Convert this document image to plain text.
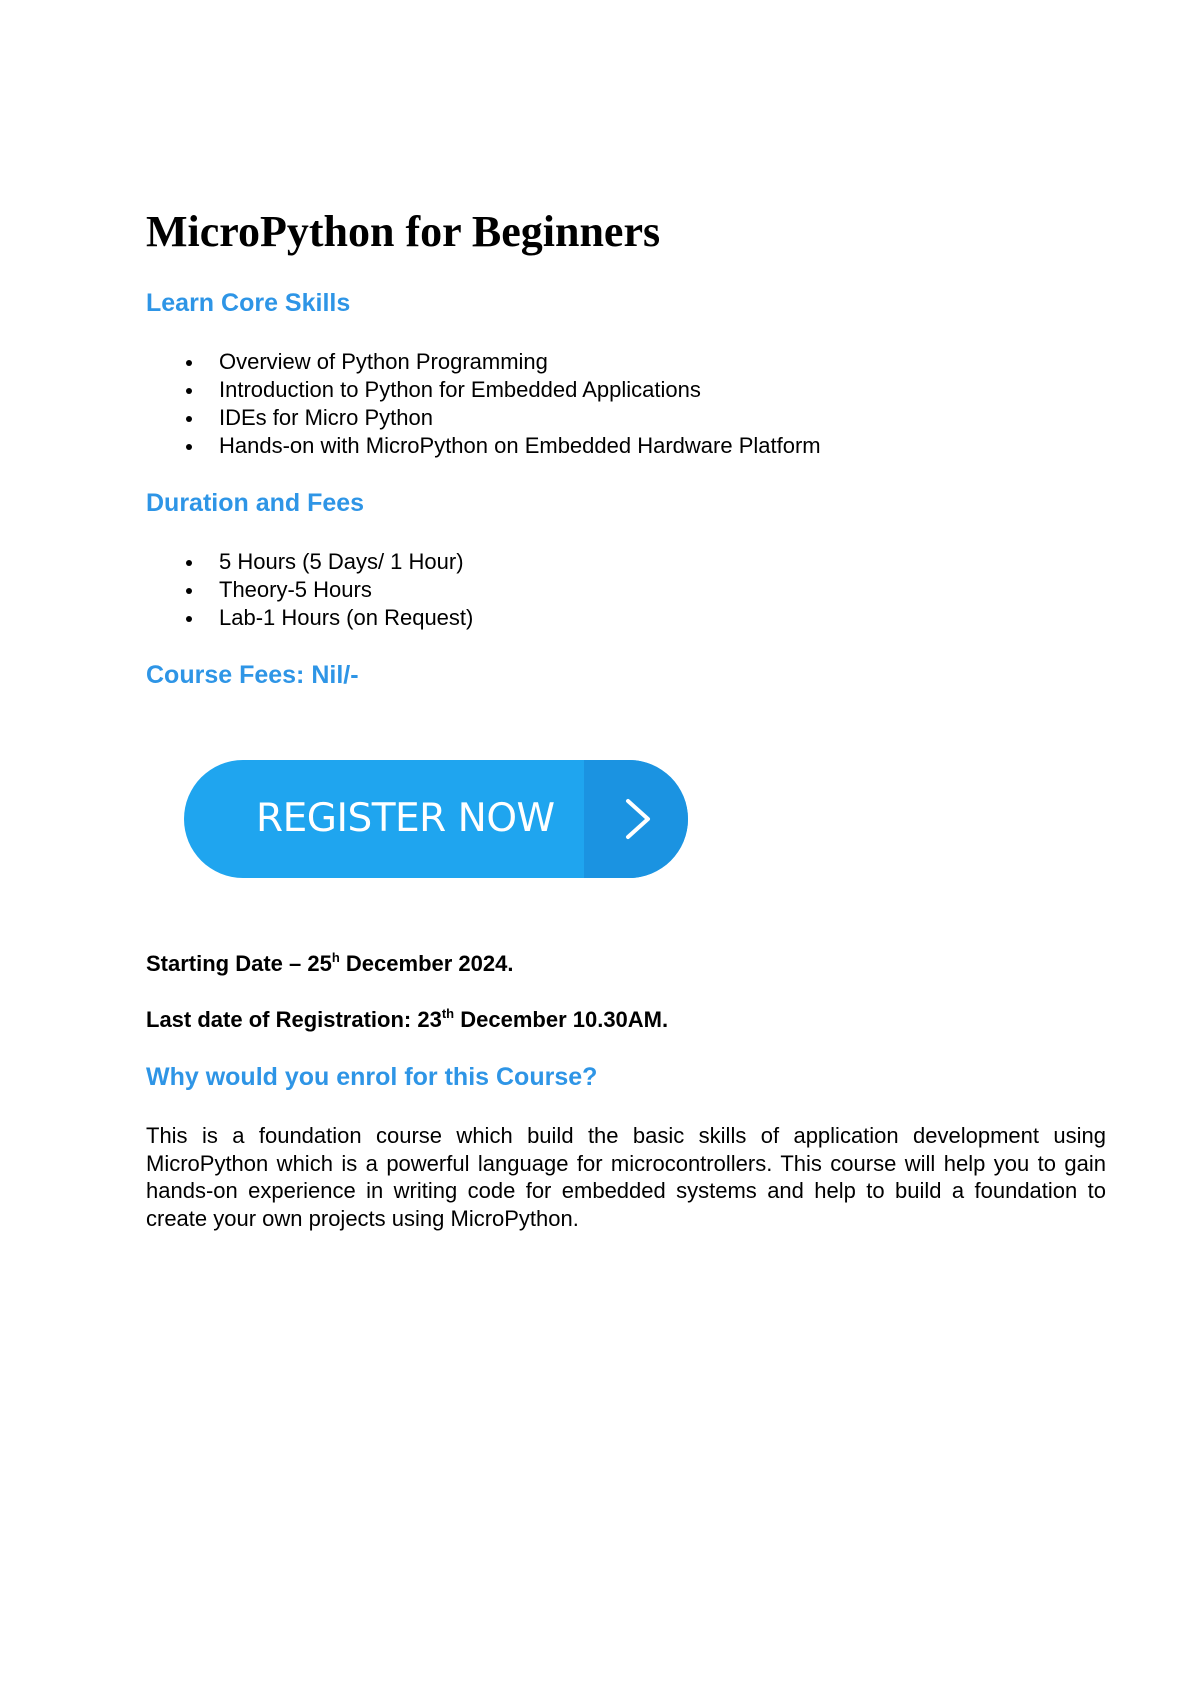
MicroPython for Beginners
Learn Core Skills
Overview of Python Programming
Introduction to Python for Embedded Applications
IDEs for Micro Python
Hands-on with MicroPython on Embedded Hardware Platform
Duration and Fees
5 Hours (5 Days/ 1 Hour)
Theory-5 Hours
Lab-1 Hours (on Request)
Course Fees: Nil/-
REGISTER NOW

Starting Date – 25$^h$ December 2024.

Last date of Registration: 23th December 10.30AM.

Why would you enrol for this Course?

This is a foundation course which build the basic skills of application development using MicroPython which is a powerful language for microcontrollers. This course will help you to gain hands-on experience in writing code for embedded systems and help to build a foundation to create your own projects using MicroPython.
